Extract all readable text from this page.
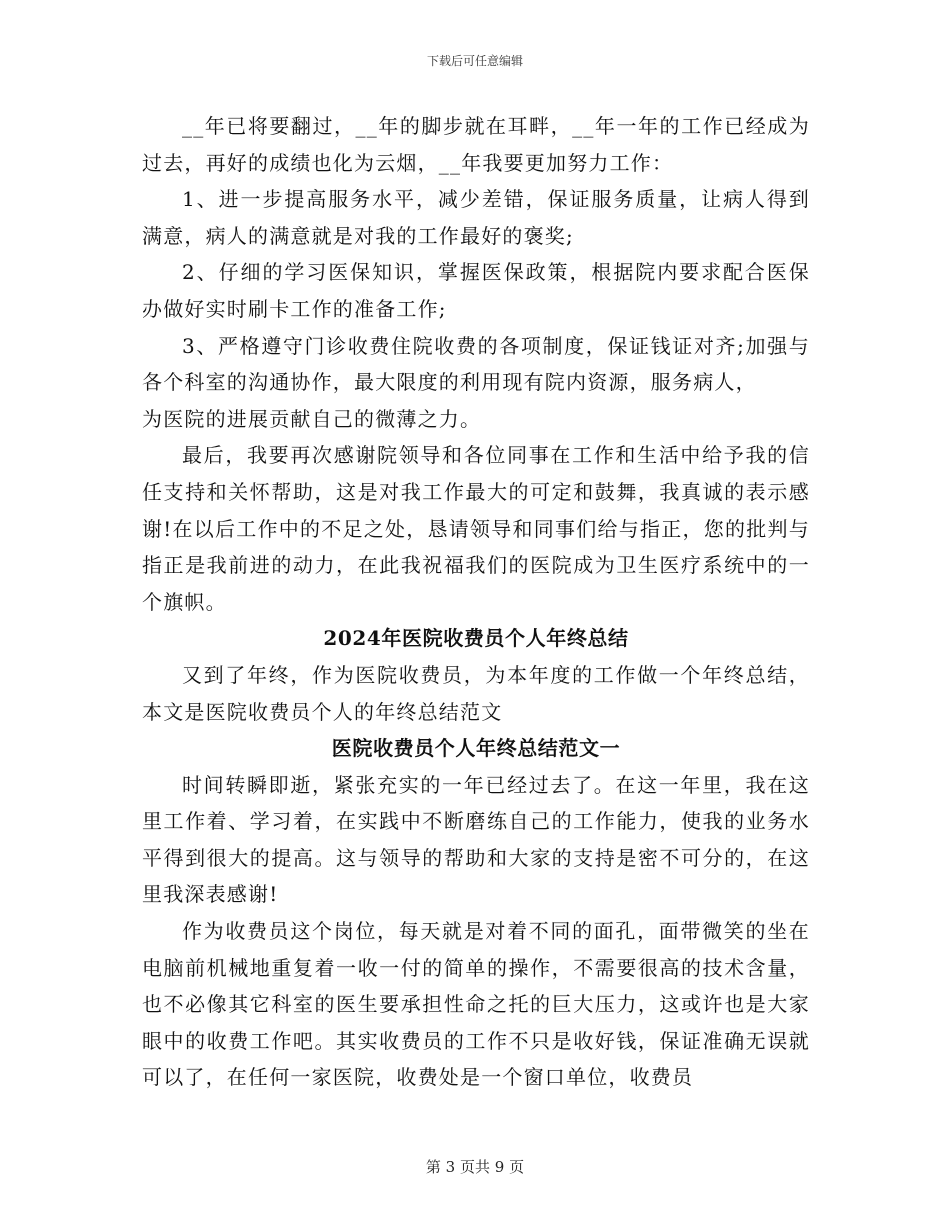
下载后可任意编辑

__年已将要翻过，__年的脚步就在耳畔，__年一年的工作已经成为过去，再好的成绩也化为云烟，__年我要更加努力工作：

1、进一步提高服务水平，减少差错，保证服务质量，让病人得到满意，病人的满意就是对我的工作最好的褒奖;

2、仔细的学习医保知识，掌握医保政策，根据院内要求配合医保办做好实时刷卡工作的准备工作;

3、严格遵守门诊收费住院收费的各项制度，保证钱证对齐;加强与各个科室的沟通协作，最大限度的利用现有院内资源，服务病人，
为医院的进展贡献自己的微薄之力。

最后，我要再次感谢院领导和各位同事在工作和生活中给予我的信任支持和关怀帮助，这是对我工作最大的可定和鼓舞，我真诚的表示感谢!在以后工作中的不足之处，恳请领导和同事们给与指正，您的批判与指正是我前进的动力，在此我祝福我们的医院成为卫生医疗系统中的一个旗帜。

2024年医院收费员个人年终总结

又到了年终，作为医院收费员，为本年度的工作做一个年终总结，本文是医院收费员个人的年终总结范文

医院收费员个人年终总结范文一

时间转瞬即逝，紧张充实的一年已经过去了。在这一年里，我在这里工作着、学习着，在实践中不断磨练自己的工作能力，使我的业务水平得到很大的提高。这与领导的帮助和大家的支持是密不可分的，在这里我深表感谢!

作为收费员这个岗位，每天就是对着不同的面孔，面带微笑的坐在电脑前机械地重复着一收一付的简单的操作，不需要很高的技术含量，也不必像其它科室的医生要承担性命之托的巨大压力，这或许也是大家眼中的收费工作吧。其实收费员的工作不只是收好钱，保证准确无误就可以了，在任何一家医院，收费处是一个窗口单位，收费员

第 3 页共 9 页
